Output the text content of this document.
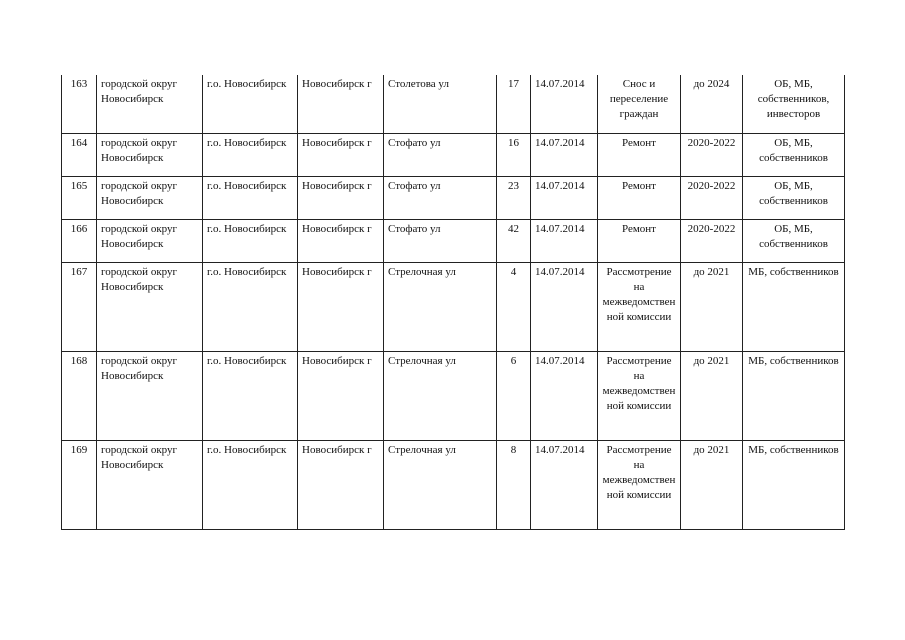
163	городской округ Новосибирск	г.о. Новосибирск	Новосибирск г	Столетова ул	17	14.07.2014	Снос и переселение граждан	до 2024	ОБ, МБ, собственников, инвесторов
164	городской округ Новосибирск	г.о. Новосибирск	Новосибирск г	Стофато ул	16	14.07.2014	Ремонт	2020-2022	ОБ, МБ, собственников
165	городской округ Новосибирск	г.о. Новосибирск	Новосибирск г	Стофато ул	23	14.07.2014	Ремонт	2020-2022	ОБ, МБ, собственников
166	городской округ Новосибирск	г.о. Новосибирск	Новосибирск г	Стофато ул	42	14.07.2014	Ремонт	2020-2022	ОБ, МБ, собственников
167	городской округ Новосибирск	г.о. Новосибирск	Новосибирск г	Стрелочная ул	4	14.07.2014	Рассмотрение на межведомственной комиссии	до 2021	МБ, собственников
168	городской округ Новосибирск	г.о. Новосибирск	Новосибирск г	Стрелочная ул	6	14.07.2014	Рассмотрение на межведомственной комиссии	до 2021	МБ, собственников
169	городской округ Новосибирск	г.о. Новосибирск	Новосибирск г	Стрелочная ул	8	14.07.2014	Рассмотрение на межведомственной комиссии	до 2021	МБ, собственников
